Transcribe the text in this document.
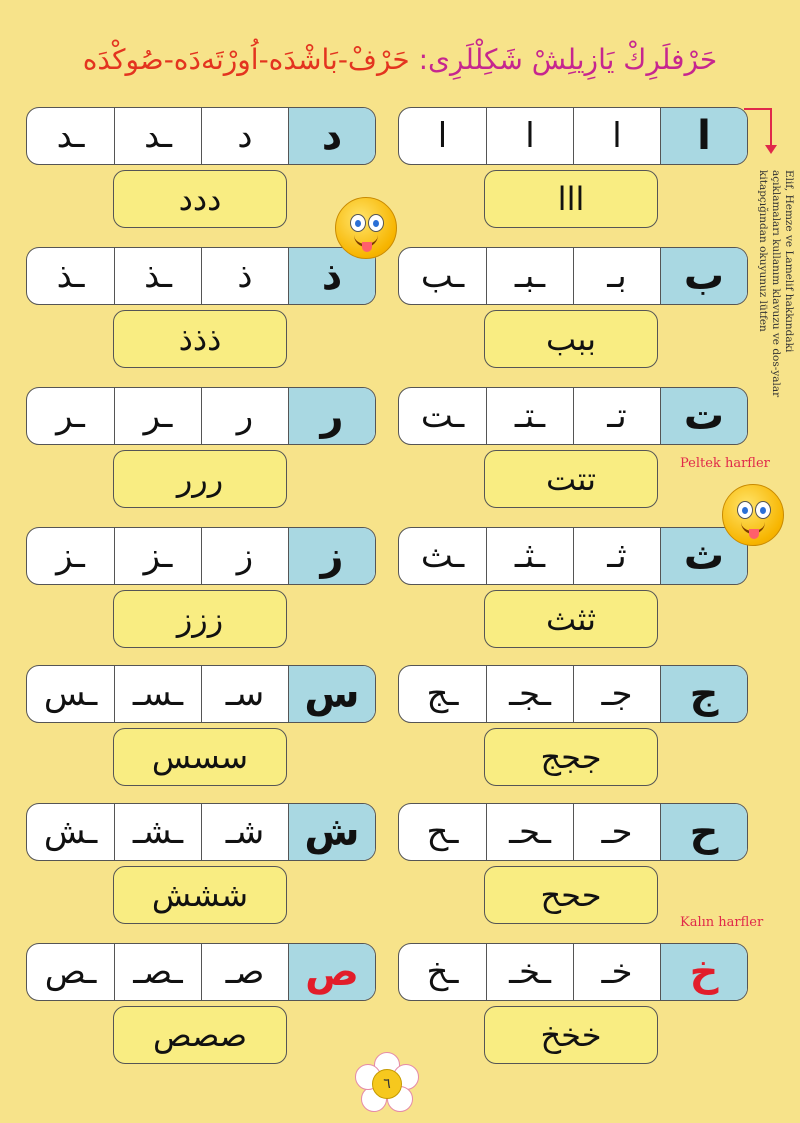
حَرْفلَرِكْ يَازِيلِشْ شَكِلْلَرِى: حَرْفْ-بَاشْدَه-اُورْتَه‌دَه-صُوكْدَه
Elif, Hemze ve Lamelif hakkındaki açıklamaları kullanım klavuzu ve dos-yalar kitapçığından okuyunuz lütfen
ا
ا
ا
ا
ااا
د
د
ـد
ـد
ددد
ب
بـ
ـبـ
ـب
ببب
ذ
ذ
ـذ
ـذ
ذذذ
ت
تـ
ـتـ
ـت
تتت
ر
ر
ـر
ـر
ررر
ث
ثـ
ـثـ
ـث
ثثث
ز
ز
ـز
ـز
ززز
ج
جـ
ـجـ
ـج
ججج
س
سـ
ـسـ
ـس
سسس
ح
حـ
ـحـ
ـح
ححح
ش
شـ
ـشـ
ـش
ششش
خ
خـ
ـخـ
ـخ
خخخ
ص
صـ
ـصـ
ـص
صصص
Peltek harfler
Kalın harfler
٦
